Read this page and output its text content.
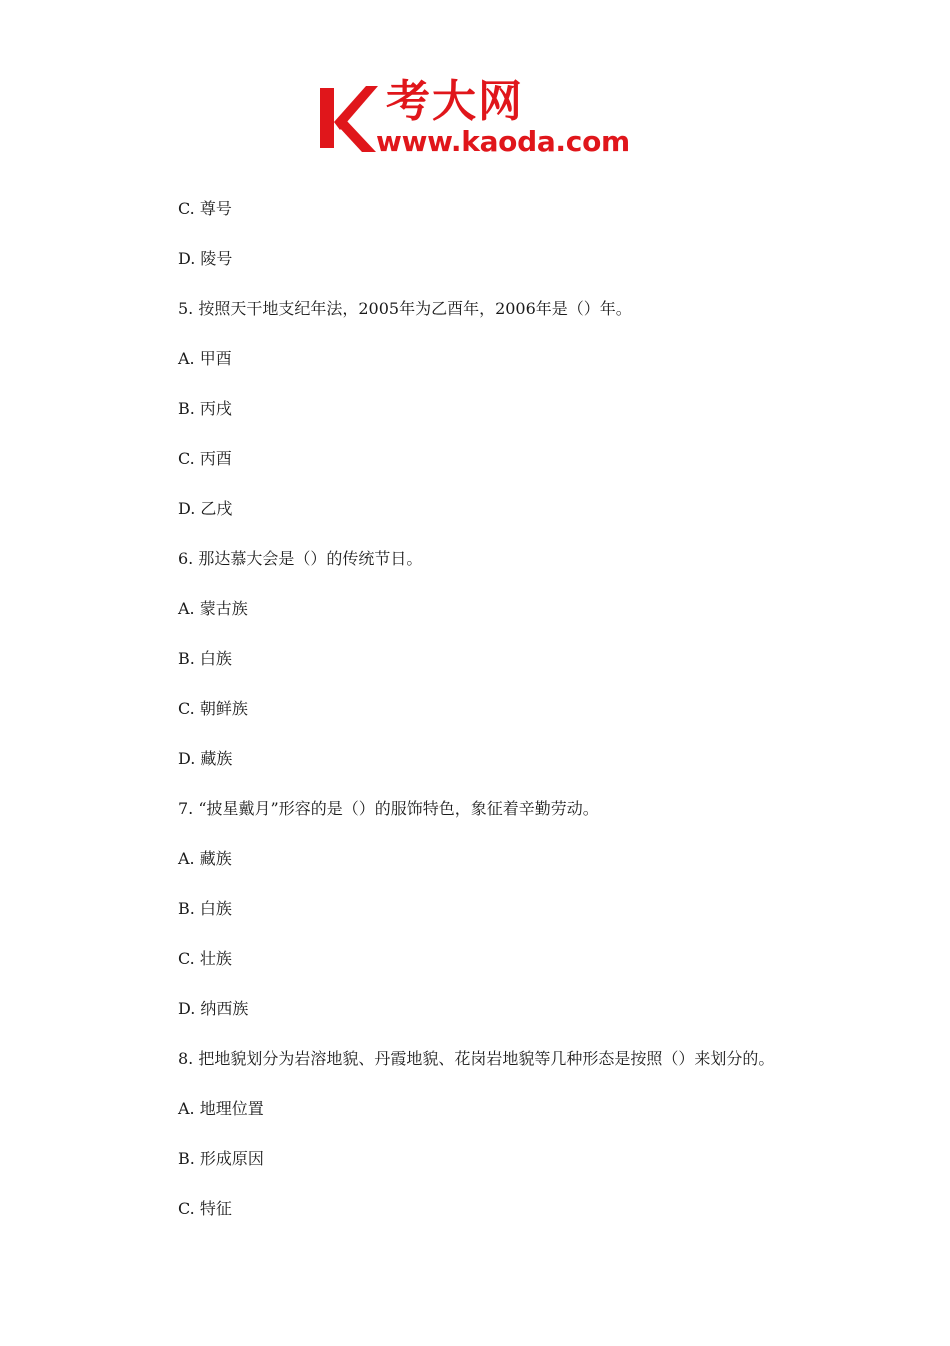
考大网
www.kaoda.com
C. 尊号
D. 陵号
5. 按照天干地支纪年法，2005年为乙酉年，2006年是（）年。
A. 甲酉
B. 丙戌
C. 丙酉
D. 乙戌
6. 那达慕大会是（）的传统节日。
A. 蒙古族
B. 白族
C. 朝鲜族
D. 藏族
7. “披星戴月”形容的是（）的服饰特色，象征着辛勤劳动。
A. 藏族
B. 白族
C. 壮族
D. 纳西族
8. 把地貌划分为岩溶地貌、丹霞地貌、花岗岩地貌等几种形态是按照（）来划分的。
A. 地理位置
B. 形成原因
C. 特征
